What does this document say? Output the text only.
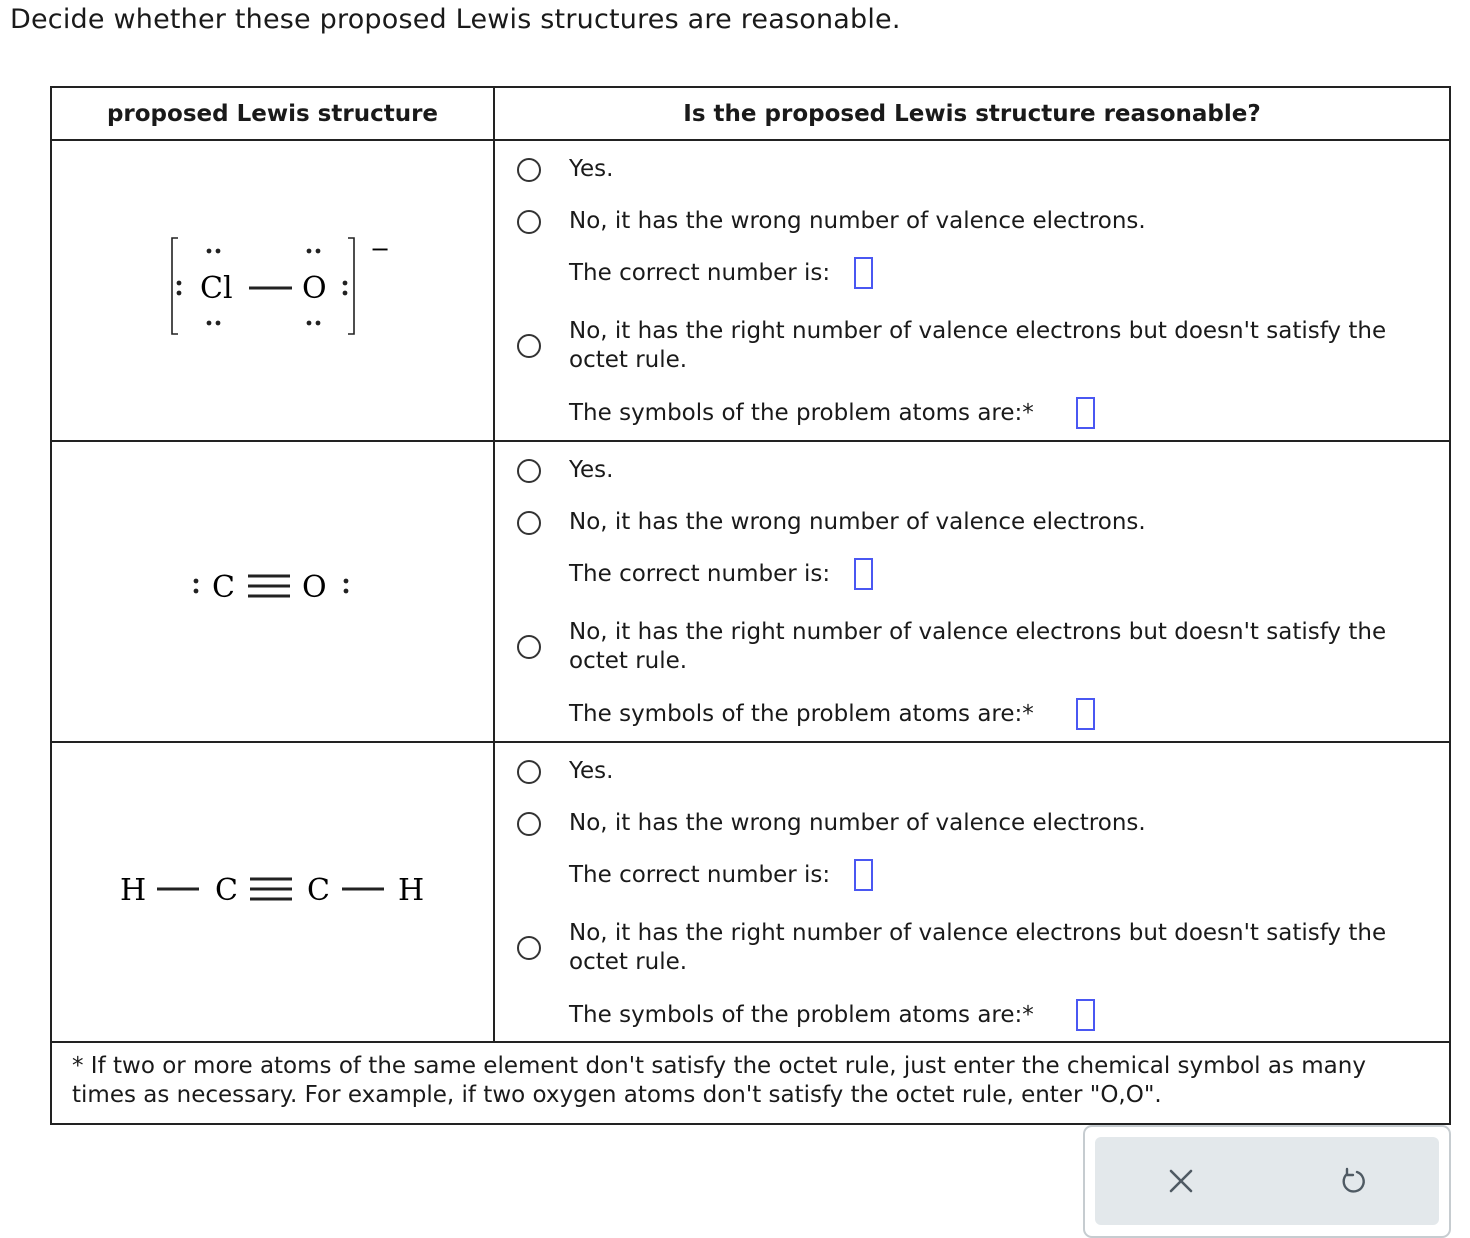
Decide whether these proposed Lewis structures are reasonable.
proposed Lewis structure	Is the proposed Lewis structure reasonable?
−
Cl O
Yes.
No, it has the wrong number of valence electrons.
The correct number is:
No, it has the right number of valence electrons but doesn't satisfy the
octet rule.
The symbols of the problem atoms are:*
C O
Yes.
No, it has the wrong number of valence electrons.
The correct number is:
No, it has the right number of valence electrons but doesn't satisfy the
octet rule.
The symbols of the problem atoms are:*
H C C H
Yes.
No, it has the wrong number of valence electrons.
The correct number is:
No, it has the right number of valence electrons but doesn't satisfy the
octet rule.
The symbols of the problem atoms are:*
* If two or more atoms of the same element don't satisfy the octet rule, just enter the chemical symbol as many
times as necessary. For example, if two oxygen atoms don't satisfy the octet rule, enter "O,O".
